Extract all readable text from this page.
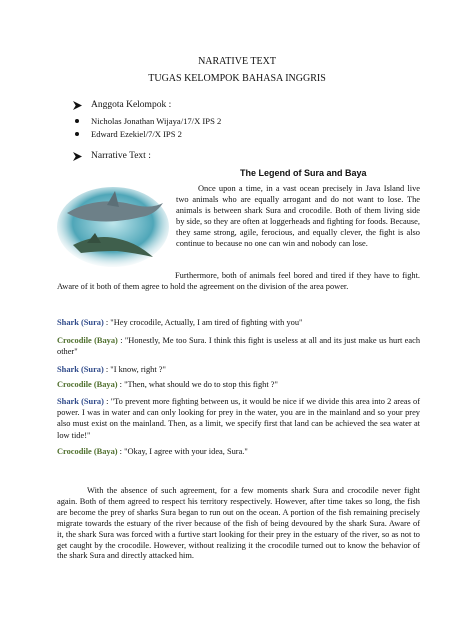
NARATIVE TEXT
TUGAS KELOMPOK BAHASA INGGRIS
Anggota Kelompok :
Nicholas Jonathan Wijaya/17/X IPS 2
Edward Ezekiel/7/X IPS 2
Narrative Text :
The Legend of Sura and Baya
Once upon a time, in a vast ocean precisely in Java Island live two animals who are equally arrogant and do not want to lose. The animals is between shark Sura and crocodile. Both of them living side by side, so they are often at loggerheads and fighting for foods. Because, they same strong, agile, ferocious, and equally clever, the fight is also continue to because no one can win and nobody can lose.
Furthermore, both of animals feel bored and tired if they have to fight. Aware of it both of them agree to hold the agreement on the division of the area power.
Shark (Sura) : "Hey crocodile, Actually, I am tired of fighting with you"
Crocodile (Baya) : "Honestly, Me too Sura. I think this fight is useless at all and its just make us hurt each other"
Shark (Sura) : "I know, right ?"
Crocodile (Baya) : "Then, what should we do to stop this fight ?"
Shark (Sura) : "To prevent more fighting between us, it would be nice if we divide this area into 2 areas of power. I was in water and can only looking for prey in the water, you are in the mainland and so your prey also must exist on the mainland. Then, as a limit, we specify first that land can be achieved the sea water at low tide!"
Crocodile (Baya) : "Okay, I agree with your idea, Sura."
With the absence of such agreement, for a few moments shark Sura and crocodile never fight again. Both of them agreed to respect his territory respectively. However, after time takes so long, the fish are become the prey of sharks Sura began to run out on the ocean. A portion of the fish remaining precisely migrate towards the estuary of the river because of the fish of being devoured by the shark Sura. Aware of it, the shark Sura was forced with a furtive start looking for their prey in the estuary of the river, so as not to get caught by the crocodile. However, without realizing it the crocodile turned out to know the behavior of the shark Sura and directly attacked him.
